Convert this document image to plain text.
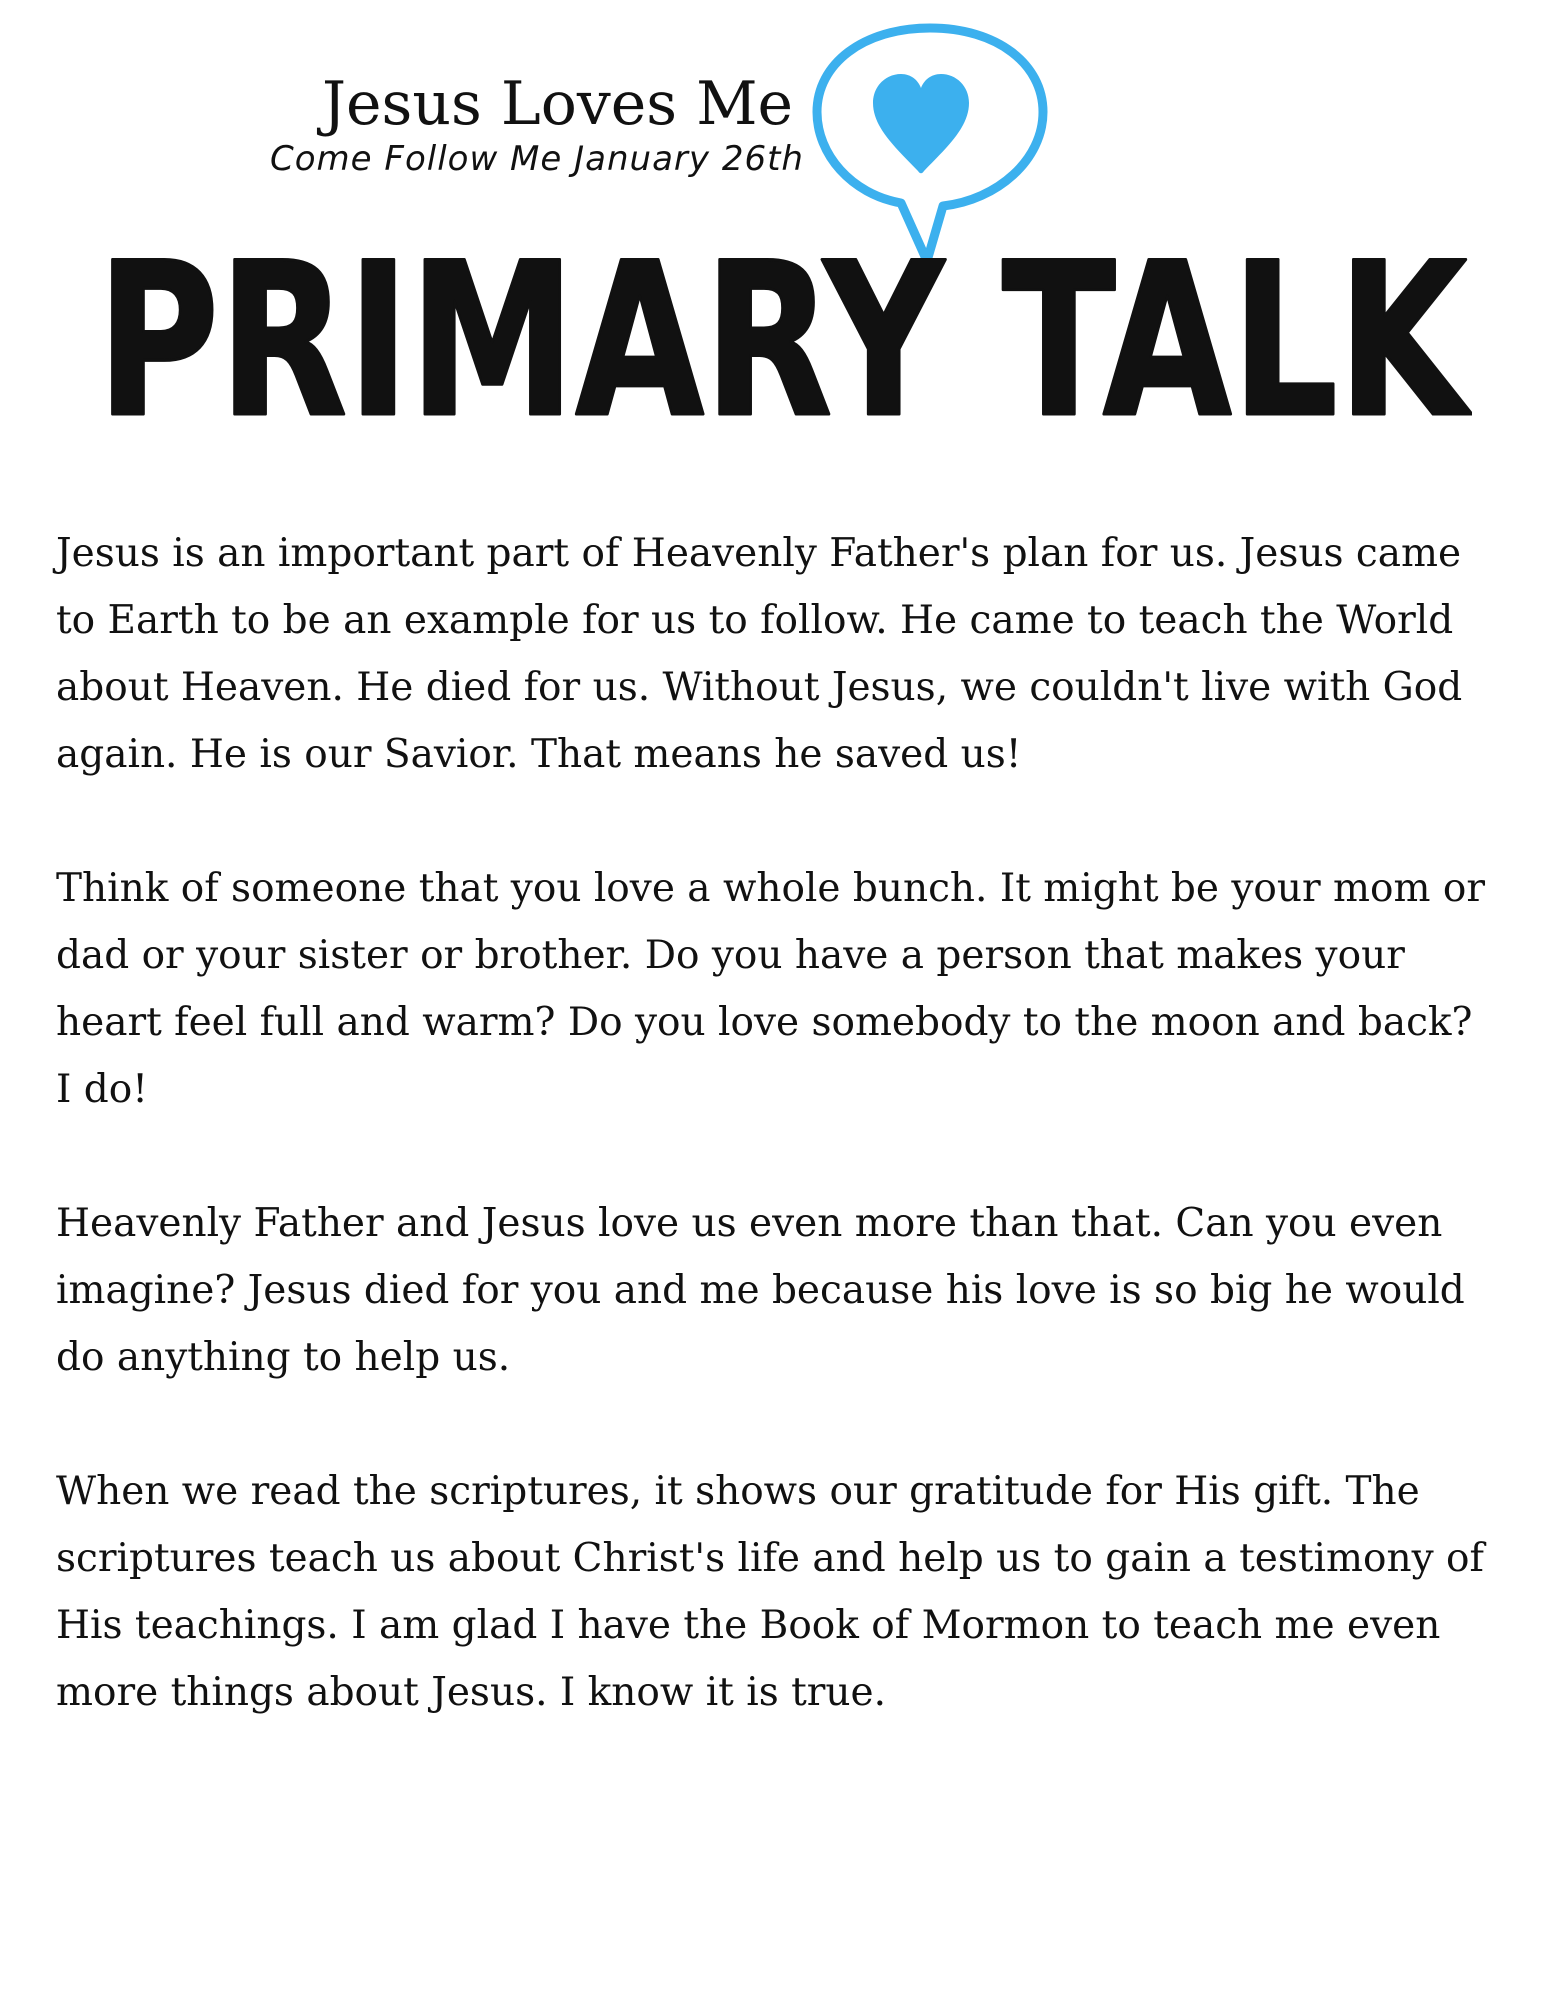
Jesus Loves Me
Come Follow Me January 26th
PRIMARY TALK

Jesus is an important part of Heavenly Father's plan for us. Jesus came to Earth to be an example for us to follow. He came to teach the World about Heaven. He died for us. Without Jesus, we couldn't live with God again. He is our Savior. That means he saved us!

Think of someone that you love a whole bunch. It might be your mom or dad or your sister or brother. Do you have a person that makes your heart feel full and warm? Do you love somebody to the moon and back? I do!

Heavenly Father and Jesus love us even more than that. Can you even imagine? Jesus died for you and me because his love is so big he would do anything to help us.

When we read the scriptures, it shows our gratitude for His gift. The scriptures teach us about Christ's life and help us to gain a testimony of His teachings. I am glad I have the Book of Mormon to teach me even more things about Jesus. I know it is true.
